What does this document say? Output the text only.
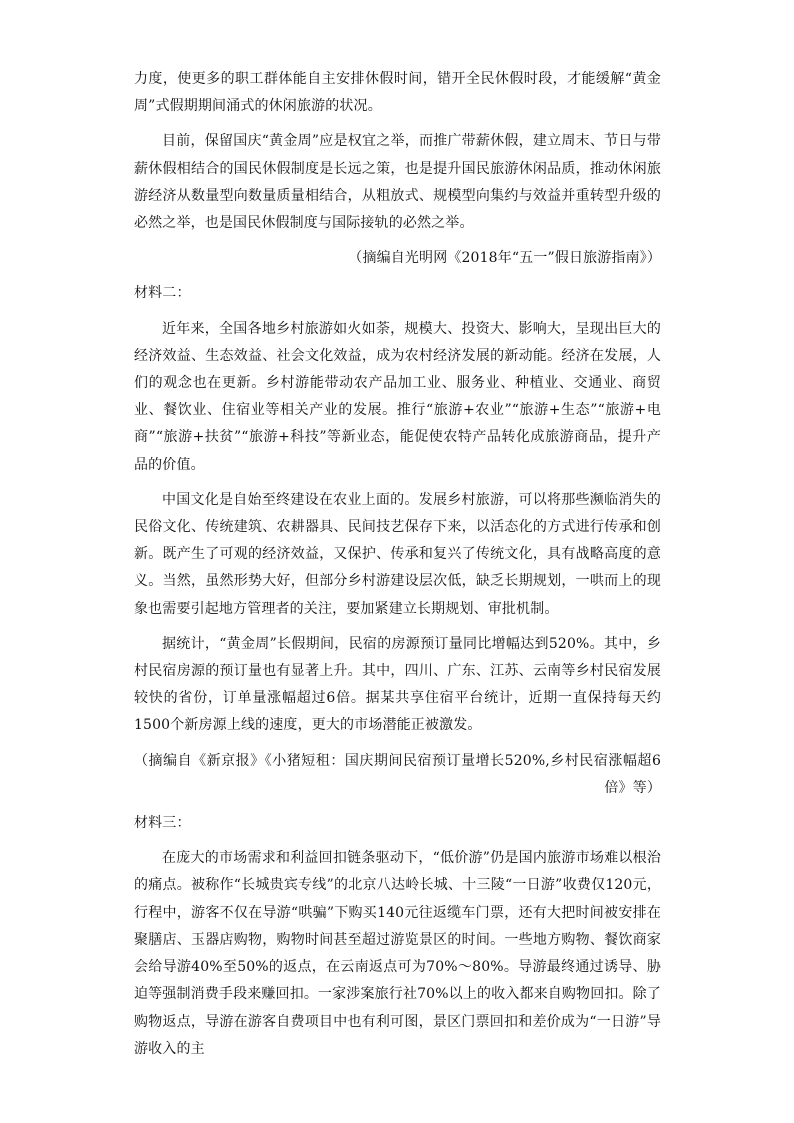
力度，使更多的职工群体能自主安排休假时间，错开全民休假时段，才能缓解“黄金周”式假期期间涌式的休闲旅游的状况。

目前，保留国庆“黄金周”应是权宜之举，而推广带薪休假，建立周末、节日与带薪休假相结合的国民休假制度是长远之策，也是提升国民旅游休闲品质，推动休闲旅游经济从数量型向数量质量相结合，从粗放式、规模型向集约与效益并重转型升级的必然之举，也是国民休假制度与国际接轨的必然之举。

（摘编自光明网《2018年“五一”假日旅游指南》）

材料二：

近年来，全国各地乡村旅游如火如荼，规模大、投资大、影响大，呈现出巨大的经济效益、生态效益、社会文化效益，成为农村经济发展的新动能。经济在发展，人们的观念也在更新。乡村游能带动农产品加工业、服务业、种植业、交通业、商贸业、餐饮业、住宿业等相关产业的发展。推行“旅游+农业”“旅游+生态”“旅游+电商”“旅游+扶贫”“旅游+科技”等新业态，能促使农特产品转化成旅游商品，提升产品的价值。

中国文化是自始至终建设在农业上面的。发展乡村旅游，可以将那些濒临消失的民俗文化、传统建筑、农耕器具、民间技艺保存下来，以活态化的方式进行传承和创新。既产生了可观的经济效益，又保护、传承和复兴了传统文化，具有战略高度的意义。当然，虽然形势大好，但部分乡村游建设层次低，缺乏长期规划，一哄而上的现象也需要引起地方管理者的关注，要加紧建立长期规划、审批机制。

据统计，“黄金周”长假期间，民宿的房源预订量同比增幅达到520%。其中，乡村民宿房源的预订量也有显著上升。其中，四川、广东、江苏、云南等乡村民宿发展较快的省份，订单量涨幅超过6倍。据某共享住宿平台统计，近期一直保持每天约1500个新房源上线的速度，更大的市场潜能正被激发。

（摘编自《新京报》《小猪短租：国庆期间民宿预订量增长520%,乡村民宿涨幅超6倍》等）

材料三：

在庞大的市场需求和利益回扣链条驱动下，“低价游”仍是国内旅游市场难以根治的痛点。被称作“长城贵宾专线”的北京八达岭长城、十三陵“一日游”收费仅120元，行程中，游客不仅在导游“哄骗”下购买140元往返缆车门票，还有大把时间被安排在聚膳店、玉器店购物，购物时间甚至超过游览景区的时间。一些地方购物、餐饮商家会给导游40%至50%的返点，在云南返点可为70%～80%。导游最终通过诱导、胁迫等强制消费手段来赚回扣。一家涉案旅行社70%以上的收入都来自购物回扣。除了购物返点，导游在游客自费项目中也有利可图，景区门票回扣和差价成为“一日游”导游收入的主
